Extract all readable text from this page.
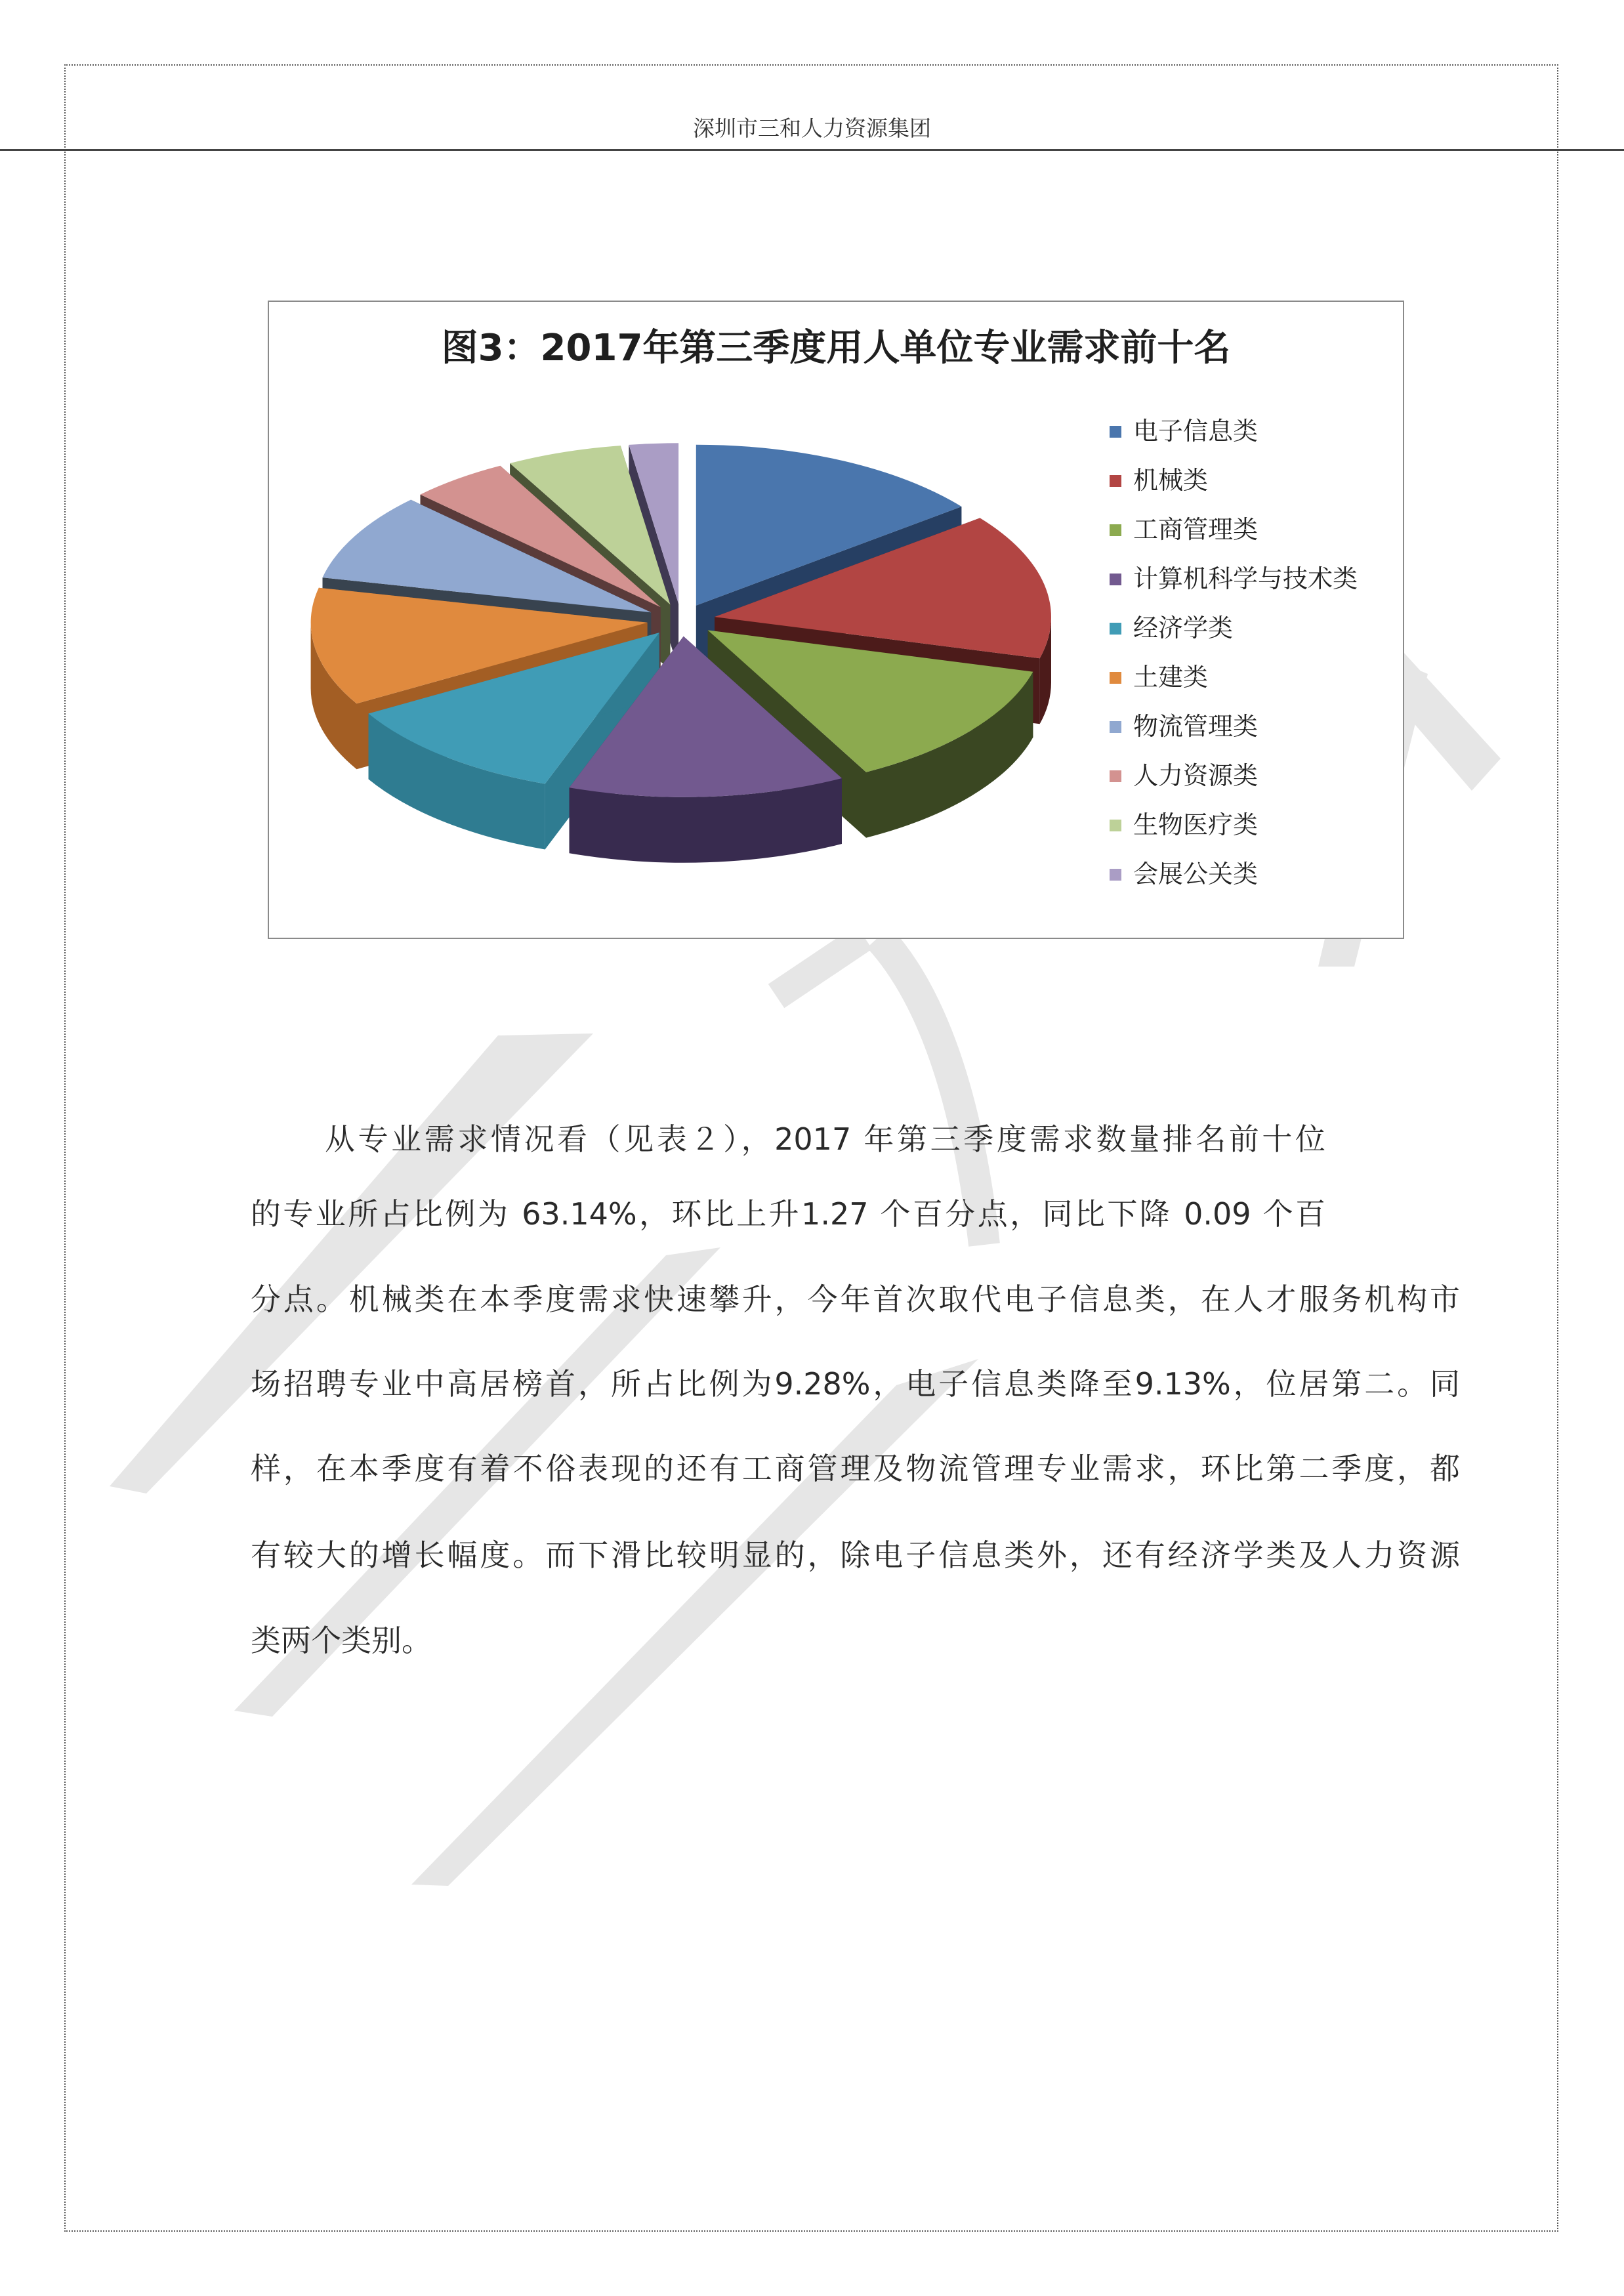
深圳市三和人力资源集团
图3：2017年第三季度用人单位专业需求前十名
电子信息类
机械类
工商管理类
计算机科学与技术类
经济学类
土建类
物流管理类
人力资源类
生物医疗类
会展公关类
从专业需求情况看（见表２），2017 年第三季度需求数量排名前十位
的专业所占比例为 63.14%，环比上升1.27 个百分点，同比下降 0.09 个百
分点。机械类在本季度需求快速攀升，今年首次取代电子信息类，在人才服务机构市
场招聘专业中高居榜首，所占比例为9.28%，电子信息类降至9.13%，位居第二。同
样，在本季度有着不俗表现的还有工商管理及物流管理专业需求，环比第二季度，都
有较大的增长幅度。而下滑比较明显的，除电子信息类外，还有经济学类及人力资源
类两个类别。
